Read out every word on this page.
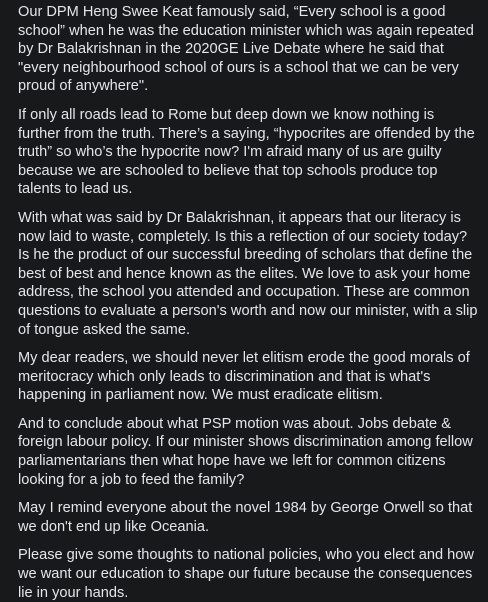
Our DPM Heng Swee Keat famously said, “Every school is a good school” when he was the education minister which was again repeated by Dr Balakrishnan in the 2020GE Live Debate where he said that "every neighbourhood school of ours is a school that we can be very proud of anywhere".

If only all roads lead to Rome but deep down we know nothing is further from the truth. There’s a saying, “hypocrites are offended by the truth” so who’s the hypocrite now? I'm afraid many of us are guilty because we are schooled to believe that top schools produce top talents to lead us.

With what was said by Dr Balakrishnan, it appears that our literacy is now laid to waste, completely. Is this a reflection of our society today? Is he the product of our successful breeding of scholars that define the best of best and hence known as the elites. We love to ask your home address, the school you attended and occupation. These are common questions to evaluate a person's worth and now our minister, with a slip of tongue asked the same.

My dear readers, we should never let elitism erode the good morals of meritocracy which only leads to discrimination and that is what's happening in parliament now. We must eradicate elitism.

And to conclude about what PSP motion was about. Jobs debate & foreign labour policy. If our minister shows discrimination among fellow parliamentarians then what hope have we left for common citizens looking for a job to feed the family?

May I remind everyone about the novel 1984 by George Orwell so that we don't end up like Oceania.

Please give some thoughts to national policies, who you elect and how we want our education to shape our future because the consequences lie in your hands.
